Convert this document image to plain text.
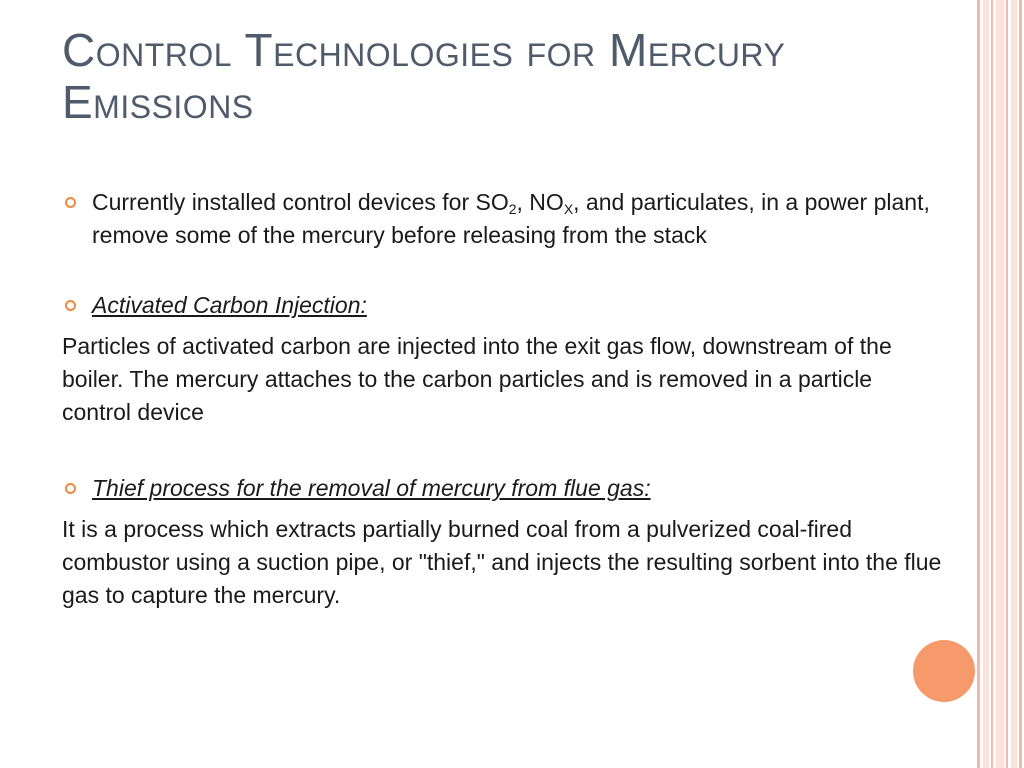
Control Technologies for Mercury Emissions
Currently installed control devices for $SO_2$, $NO_X$, and particulates, in a power plant, remove some of the mercury before releasing from the stack
Activated Carbon Injection:
Particles of activated carbon are injected into the exit gas flow, downstream of the boiler. The mercury attaches to the carbon particles and is removed in a particle control device
Thief process for the removal of mercury from flue gas:
It is a process which extracts partially burned coal from a pulverized coal-fired combustor using a suction pipe, or "thief," and injects the resulting sorbent into the flue gas to capture the mercury.
